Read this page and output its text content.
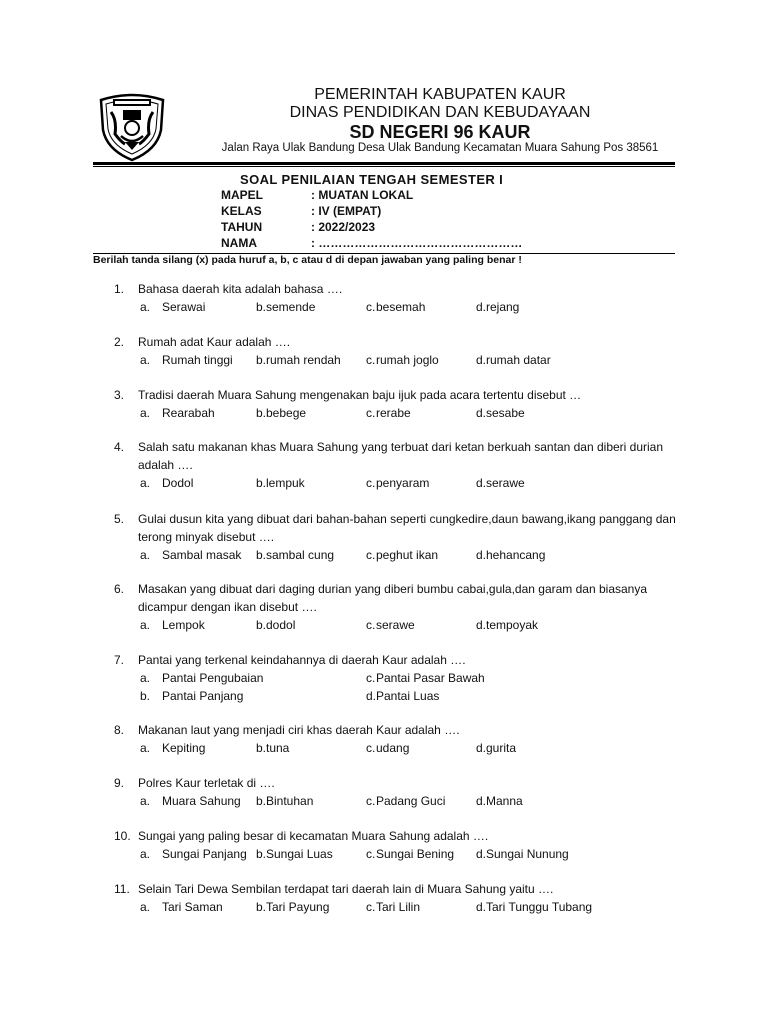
PEMERINTAH KABUPATEN KAUR
DINAS PENDIDIKAN DAN KEBUDAYAAN
SD NEGERI 96 KAUR
Jalan Raya Ulak Bandung Desa Ulak Bandung Kecamatan Muara Sahung Pos 38561
SOAL PENILAIAN TENGAH SEMESTER I
MAPEL	: MUATAN LOKAL
KELAS	: IV (EMPAT)
TAHUN	: 2022/2023
NAMA	: ……………………………………………
Berilah tanda silang (x) pada huruf a, b, c atau d di depan jawaban yang paling benar !
1. Bahasa daerah kita adalah bahasa ….
a. Serawai	b.semende	c.besemah	d.rejang
2. Rumah adat Kaur adalah ….
a. Rumah tinggi b.rumah rendah c.rumah joglo	d.rumah datar
3. Tradisi daerah Muara Sahung mengenakan baju ijuk pada acara tertentu disebut …
a. Rearabah	b.bebege	c.rerabe	d.sesabe
4. Salah satu makanan khas Muara Sahung yang terbuat dari ketan berkuah santan dan diberi durian adalah ….
a. Dodol	b.lempuk	c.penyaram	d.serawe
5. Gulai dusun kita yang dibuat dari bahan-bahan seperti cungkedire,daun bawang,ikang panggang dan terong minyak disebut ….
a. Sambal masak b.sambal cung	c.peghut ikan	d.hehancang
6. Masakan yang dibuat dari daging durian yang diberi bumbu cabai,gula,dan garam dan biasanya dicampur dengan ikan disebut ….
a. Lempok	b.dodol	c.serawe	d.tempoyak
7. Pantai yang terkenal keindahannya di daerah Kaur adalah ….
a. Pantai Pengubaian	c.Pantai Pasar Bawah
b. Pantai Panjang	d.Pantai Luas
8. Makanan laut yang menjadi ciri khas daerah Kaur adalah ….
a. Kepiting	b.tuna	c.udang	d.gurita
9. Polres Kaur terletak di ….
a. Muara Sahung b.Bintuhan	c.Padang Guci	d.Manna
10. Sungai yang paling besar di kecamatan Muara Sahung adalah ….
a. Sungai Panjang b.Sungai Luas	c.Sungai Bening d.Sungai Nunung
11. Selain Tari Dewa Sembilan terdapat tari daerah lain di Muara Sahung yaitu ….
a. Tari Saman	b.Tari Payung	c.Tari Lilin	d.Tari Tunggu Tubang
